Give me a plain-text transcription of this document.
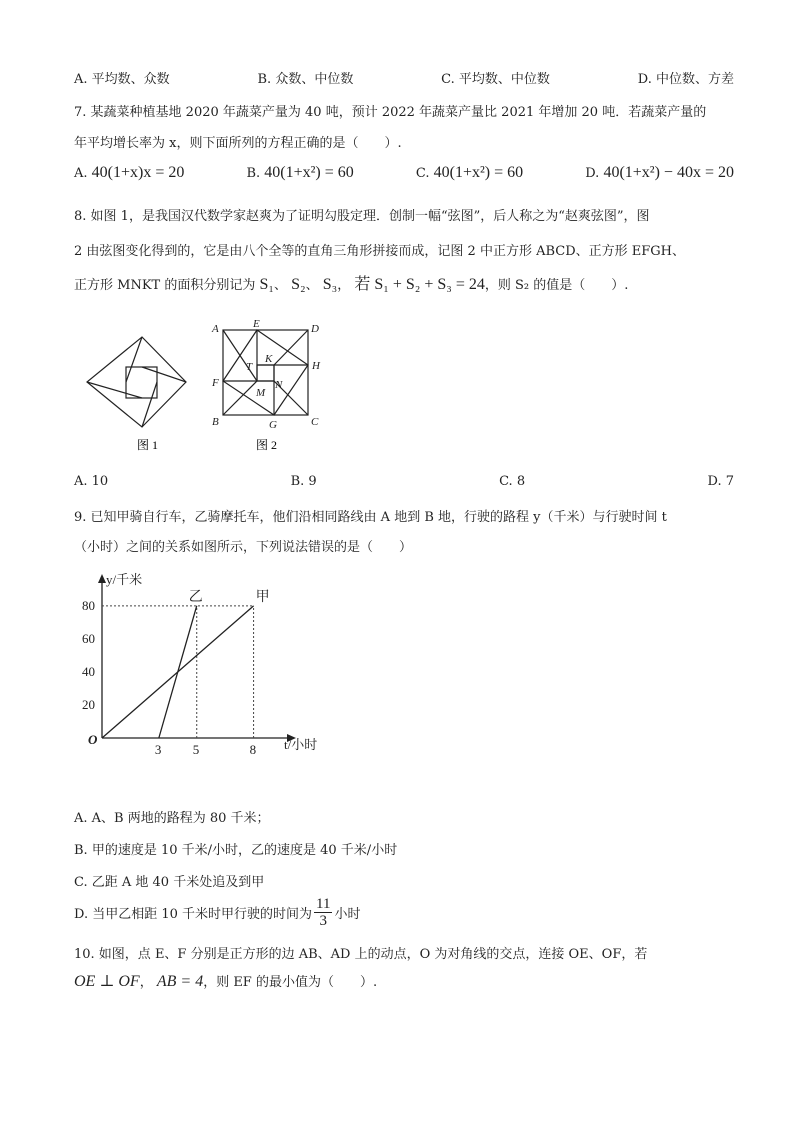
A. 平均数、众数	B. 众数、中位数	C. 平均数、中位数	D. 中位数、方差
7. 某蔬菜种植基地 2020 年蔬菜产量为 40 吨，预计 2022 年蔬菜产量比 2021 年增加 20 吨．若蔬菜产量的
年平均增长率为 x，则下面所列的方程正确的是（　　）.
A. 40(1+x)x = 20	B. 40(1+x²) = 60	C. 40(1+x²) = 60	D. 40(1+x²) − 40x = 20
8. 如图 1，是我国汉代数学家赵爽为了证明勾股定理．创制一幅“弦图”，后人称之为“赵爽弦图”，图
2 由弦图变化得到的，它是由八个全等的直角三角形拼接而成，记图 2 中正方形 ABCD、正方形 EFGH、
正方形 MNKT 的面积分别记为 S₁、 S₂、 S₃， 若 S₁ + S₂ + S₃ = 24，则 S₂ 的值是（　　）.
图 1
A	E	D
F
H
B	G	C
K
T
N
M
图 2
A. 10	B. 9	C. 8	D. 7
9. 已知甲骑自行车，乙骑摩托车，他们沿相同路线由 A 地到 B 地，行驶的路程 y（千米）与行驶时间 t
（小时）之间的关系如图所示，下列说法错误的是（　　）
t/小时
y/千米
O
3 5	8
20
40
60
80
甲
乙
A. A、B 两地的路程为 80 千米；
B. 甲的速度是 10 千米/小时，乙的速度是 40 千米/小时
C. 乙距 A 地 40 千米处追及到甲
D. 当甲乙相距 10 千米时甲行驶的时间为 $\frac{11}{3}$ 小时
10. 如图，点 E、F 分别是正方形的边 AB、AD 上的动点，O 为对角线的交点，连接 OE、OF，若
OE ⊥ OF， AB = 4，则 EF 的最小值为（　　）.
